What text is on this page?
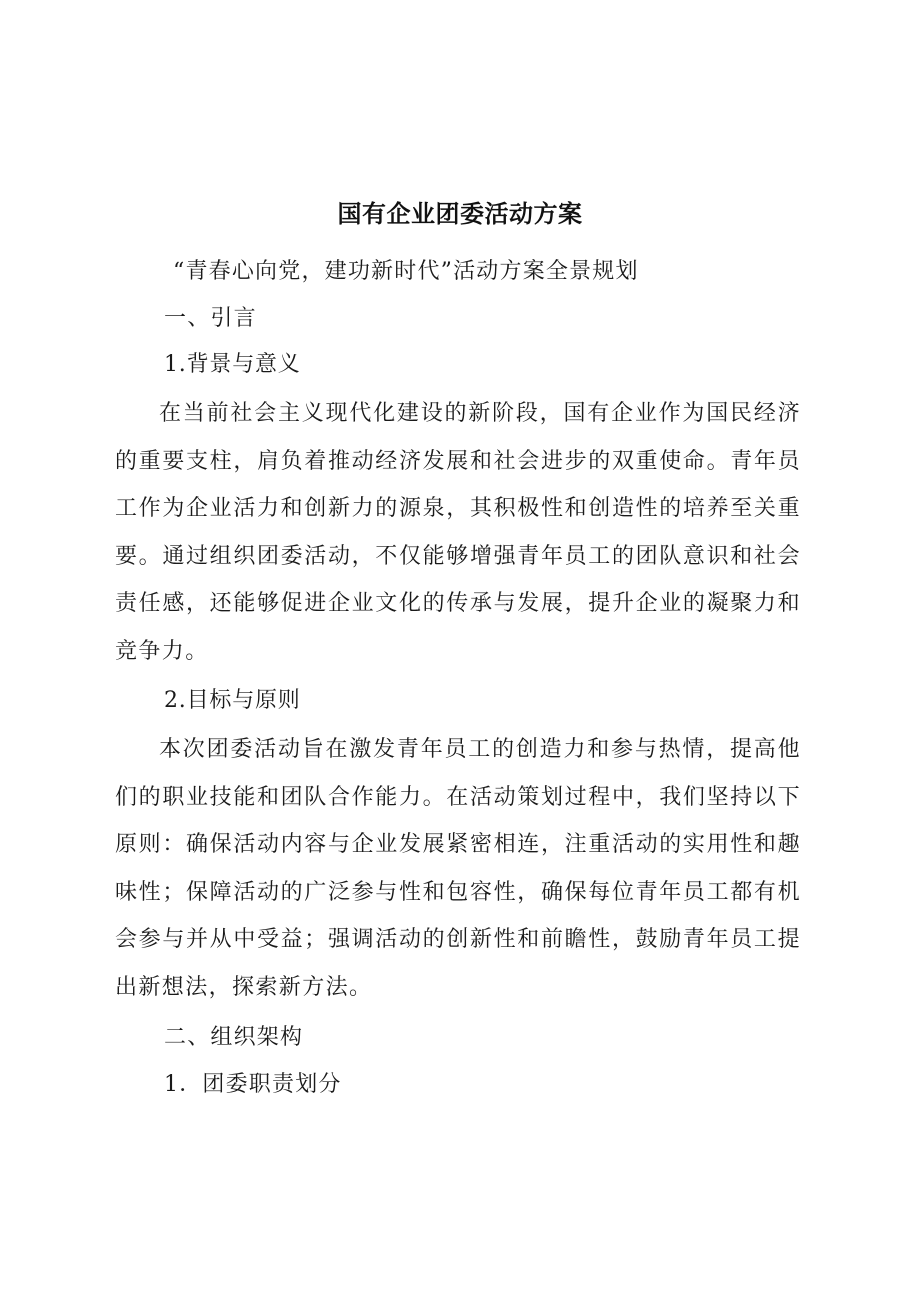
国有企业团委活动方案

“青春心向党，建功新时代”活动方案全景规划

一、引言

1.背景与意义

在当前社会主义现代化建设的新阶段，国有企业作为国民经济的重要支柱，肩负着推动经济发展和社会进步的双重使命。青年员工作为企业活力和创新力的源泉，其积极性和创造性的培养至关重要。通过组织团委活动，不仅能够增强青年员工的团队意识和社会责任感，还能够促进企业文化的传承与发展，提升企业的凝聚力和竞争力。

2.目标与原则

本次团委活动旨在激发青年员工的创造力和参与热情，提高他们的职业技能和团队合作能力。在活动策划过程中，我们坚持以下原则：确保活动内容与企业发展紧密相连，注重活动的实用性和趣味性；保障活动的广泛参与性和包容性，确保每位青年员工都有机会参与并从中受益；强调活动的创新性和前瞻性，鼓励青年员工提出新想法，探索新方法。

二、组织架构

1．团委职责划分
